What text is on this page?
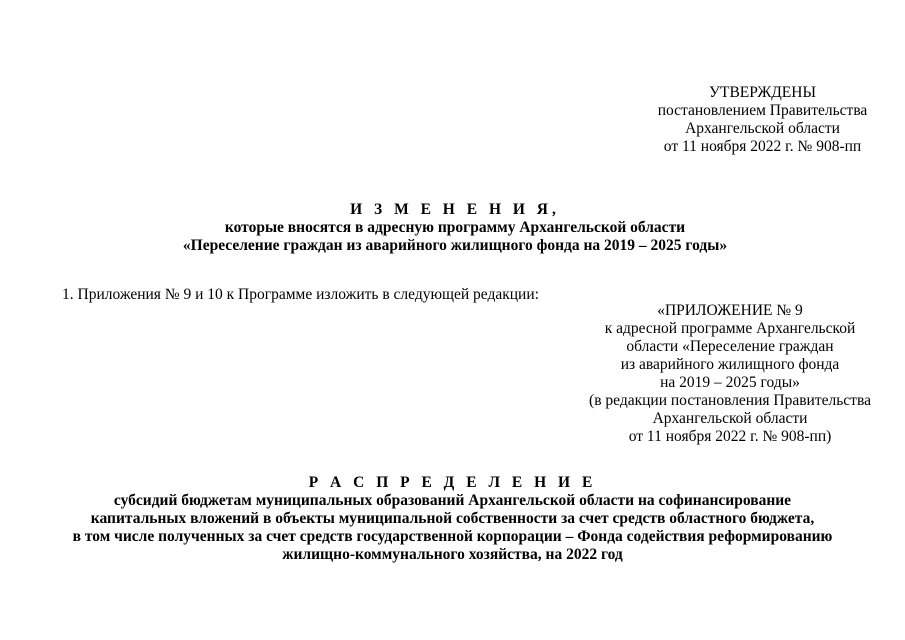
УТВЕРЖДЕНЫ
постановлением Правительства
Архангельской области
от 11 ноября 2022 г. № 908-пп
И З М Е Н Е Н И Я,
которые вносятся в адресную программу Архангельской области
«Переселение граждан из аварийного жилищного фонда на 2019 – 2025 годы»
1. Приложения № 9 и 10 к Программе изложить в следующей редакции:
«ПРИЛОЖЕНИЕ № 9
к адресной программе Архангельской
области «Переселение граждан
из аварийного жилищного фонда
на 2019 – 2025 годы»
(в редакции постановления Правительства
Архангельской области
от 11 ноября 2022 г. № 908-пп)
Р А С П Р Е Д Е Л Е Н И Е
субсидий бюджетам муниципальных образований Архангельской области на софинансирование
капитальных вложений в объекты муниципальной собственности за счет средств областного бюджета,
в том числе полученных за счет средств государственной корпорации – Фонда содействия реформированию
жилищно-коммунального хозяйства, на 2022 год
